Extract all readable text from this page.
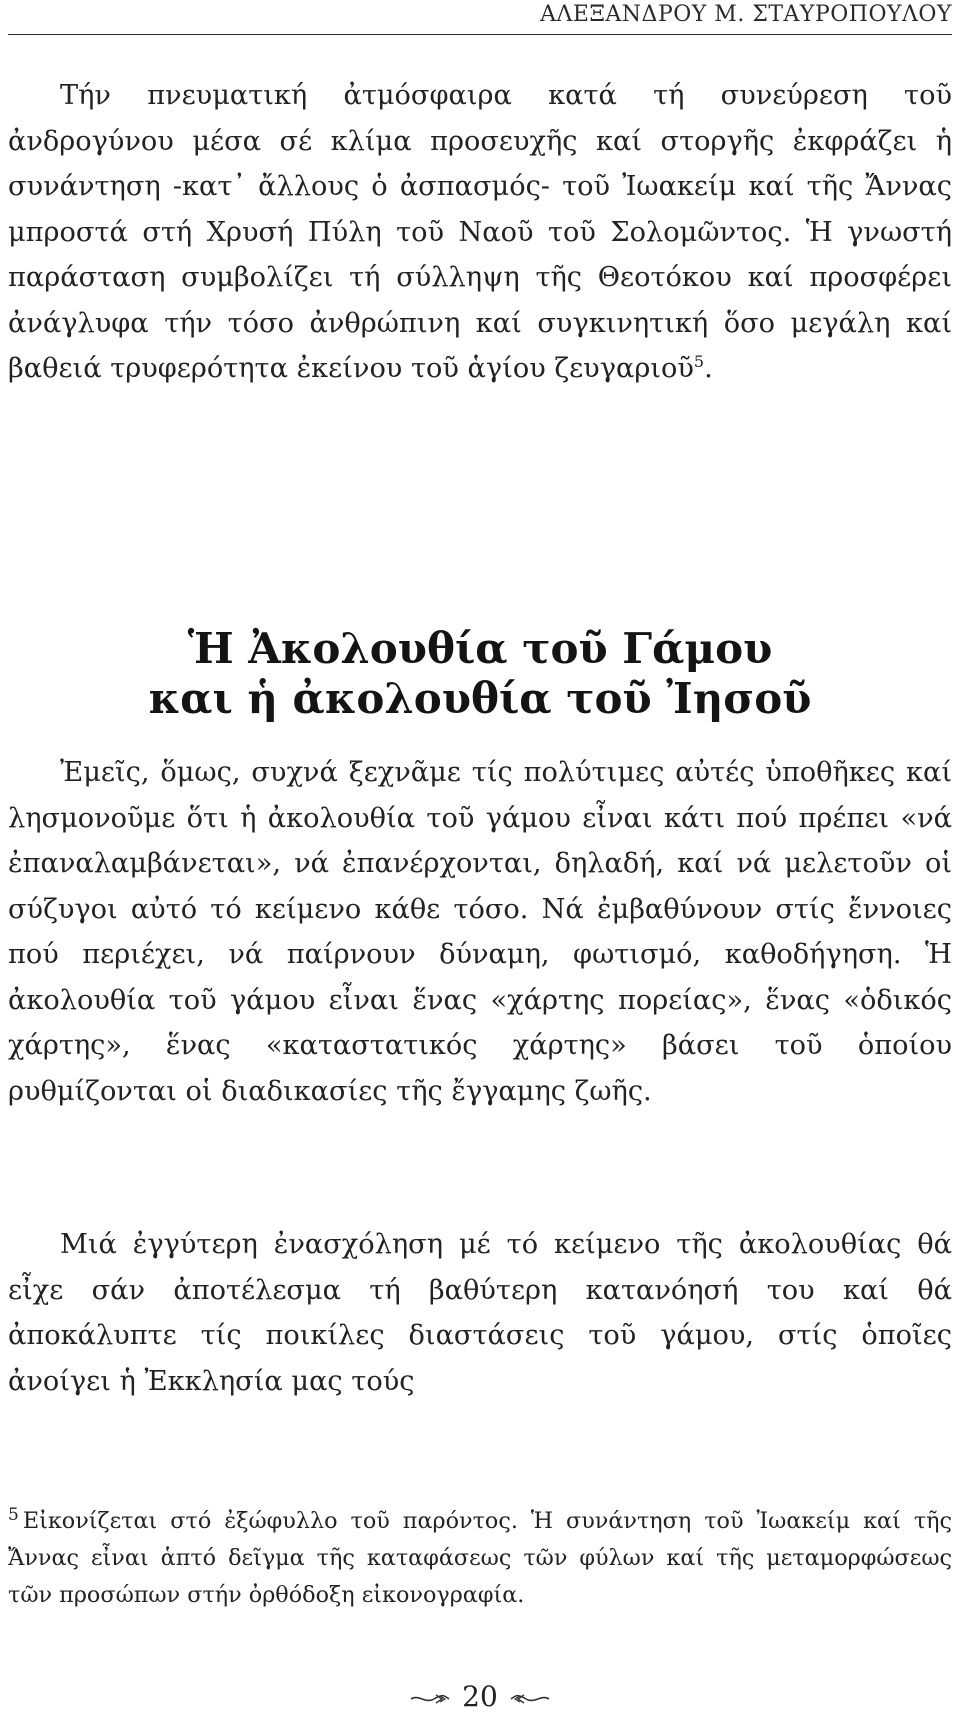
ΑΛΕΞΑΝΔΡΟΥ Μ. ΣΤΑΥΡΟΠΟΥΛΟΥ

Τήν πνευματική ἀτμόσφαιρα κατά τή συνεύρεση τοῦ ἀνδρογύνου μέσα σέ κλίμα προσευχῆς καί στοργῆς ἐκφράζει ἡ συνάντηση -κατ᾽ ἄλλους ὁ ἀσπασμός- τοῦ Ἰωακείμ καί τῆς Ἄννας μπροστά στή Χρυσή Πύλη τοῦ Ναοῦ τοῦ Σολομῶντος. Ἡ γνωστή παράσταση συμβολίζει τή σύλληψη τῆς Θεοτόκου καί προσφέρει ἀνάγλυφα τήν τόσο ἀνθρώπινη καί συγκινητική ὅσο μεγάλη καί βαθειά τρυφερότητα ἐκείνου τοῦ ἁγίου ζευγαριοῦ$^5$.

Ἡ Ἀκολουθία τοῦ Γάμου
και ἡ ἀκολουθία τοῦ Ἰησοῦ

Ἐμεῖς, ὅμως, συχνά ξεχνᾶμε τίς πολύτιμες αὐτές ὑποθῆκες καί λησμονοῦμε ὅτι ἡ ἀκολουθία τοῦ γάμου εἶναι κάτι πού πρέπει «νά ἐπαναλαμβάνεται», νά ἐπανέρχονται, δηλαδή, καί νά μελετοῦν οἱ σύζυγοι αὐτό τό κείμενο κάθε τόσο. Νά ἐμβαθύνουν στίς ἔννοιες πού περιέχει, νά παίρνουν δύναμη, φωτισμό, καθοδήγηση. Ἡ ἀκολουθία τοῦ γάμου εἶναι ἕνας «χάρτης πορείας», ἕνας «ὁδικός χάρτης», ἕνας «καταστατικός χάρτης» βάσει τοῦ ὁποίου ρυθμίζονται οἱ διαδικασίες τῆς ἔγγαμης ζωῆς.

Μιά ἐγγύτερη ἐνασχόληση μέ τό κείμενο τῆς ἀκολουθίας θά εἶχε σάν ἀποτέλεσμα τή βαθύτερη κατανόησή του καί θά ἀποκάλυπτε τίς ποικίλες διαστάσεις τοῦ γάμου, στίς ὁποῖες ἀνοίγει ἡ Ἐκκλησία μας τούς

$^5$ Εἰκονίζεται στό ἐξώφυλλο τοῦ παρόντος. Ἡ συνάντηση τοῦ Ἰωακείμ καί τῆς Ἄννας εἶναι ἁπτό δεῖγμα τῆς καταφάσεως τῶν φύλων καί τῆς μεταμορφώσεως τῶν προσώπων στήν ὀρθόδοξη εἰκονογραφία.

20
